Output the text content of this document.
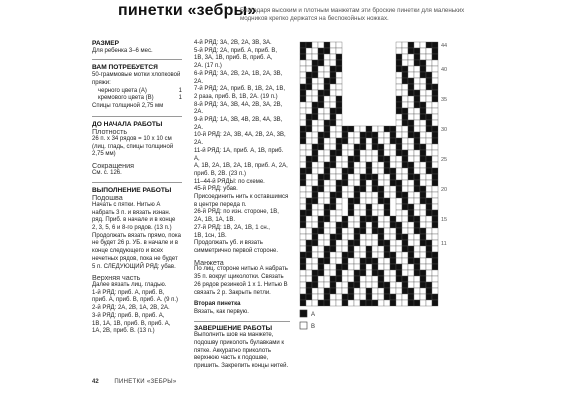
пинетки «зебры»
Благодаря высоким и плотным манжетам эти броские пинетки для маленьких модников крепко держатся на беспокойных ножках.
РАЗМЕР
Для ребенка 3–6 мес.
ВАМ ПОТРЕБУЕТСЯ
50-граммовые мотки хлопковой пряжи:
черного цвета (А)	1
кремового цвета (В)	1
Спицы толщиной 2,75 мм
ДО НАЧАЛА РАБОТЫ
Плотность
26 п. х 34 рядов = 10 х 10 см (лиц. гладь, спицы толщиной 2,75 мм)
Сокращения
См. с. 126.
ВЫПОЛНЕНИЕ РАБОТЫ
Подошва
Начать с пятки. Нитью А набрать 3 п. и вязать изнан. ряд. Приб. в начале и в конце 2, 3, 5, 6 и 8-го рядов. (13 п.) Продолжать вязать прямо, пока не будет 26 р. УБ. в начале и в конце следующего и всех нечетных рядов, пока не будет 5 п. СЛЕДУЮЩИЙ РЯД: убав.
Верхняя часть
Далее вязать лиц. гладью.
1-й РЯД: приб. А, приб. В,
приб. А, приб. В, приб. А. (9 п.)
2-й РЯД: 2А, 2В, 1А, 2В, 2А.
3-й РЯД: приб. В, приб. А,
1В, 1А, 1В, приб. В, приб. А,
1А, 2В, приб. В. (13 п.)
42	ПИНЕТКИ «ЗЕБРЫ»
4-й РЯД: 3А, 2В, 2А, 3В, 3А.
5-й РЯД: 2А, приб. А, приб. В,
1В, 3А, 1В, приб. В, приб. А,
2А. (17 п.)
6-й РЯД: 3А, 2В, 2А, 1В, 2А, 3В, 2А.
7-й РЯД: 2А, приб. В, 1В, 2А, 1В,
2 раза, приб. В, 1В, 2А. (19 п.)
8-й РЯД: 3А, 3В, 4А, 2В, 3А, 2В, 2А.
9-й РЯД: 1А, 3В, 4В, 2В, 4А, 3В, 2А.
10-й РЯД: 2А, 3В, 4А, 2В, 2А, 3В, 2А.
11-й РЯД: 1А, приб. А, 1В, приб. А,
А, 1В, 2А, 1В, 2А, 1В, приб. А, 2А,
приб. В, 2В. (23 п.)
11–44-й РЯДЫ: по схеме.
45-й РЯД: убав.
Присоединить нить к оставшимся в центре переда п.
26-й РЯД: по изн. стороне, 1В,
2А, 1В, 1А, 1В.
27-й РЯД: 1В, 2А, 1В, 1 сн.,
1В, 1сн, 1В.
Продолжать уб. и вязать симметрично первой стороне.
Манжета
По лиц. стороне нитью А набрать 35 п. вокруг щиколотки. Связать 26 рядов резинкой 1 х 1. Нитью В связать 2 р. Закрыть петли.
Вторая пинетка
Вязать, как первую.
ЗАВЕРШЕНИЕ РАБОТЫ
Выполнить шов на манжете, подошву приколоть булавками к пятке. Аккуратно приколоть верхнюю часть к подошве, пришить. Закрепить концы нитей.
44
40
35
30
25
20
15
11
А
В
